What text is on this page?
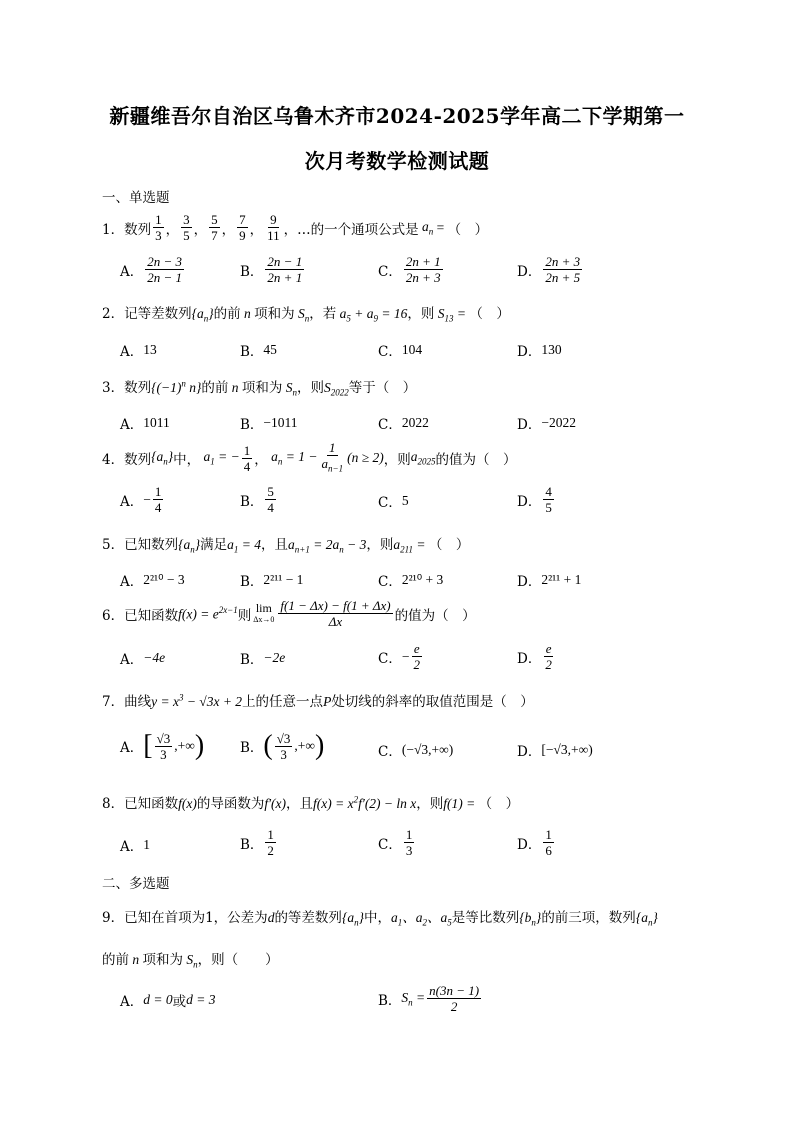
新疆维吾尔自治区乌鲁木齐市2024-2025学年高二下学期第一
次月考数学检测试题
一、单选题
1．数列 $\frac{1}{3}$ ， $\frac{3}{5}$ ， $\frac{5}{7}$ ， $\frac{7}{9}$ ， $\frac{9}{11}$ ，…的一个通项公式是 $a_n$ = （　）
A． $\frac{2n - 3}{2n - 1}$	B． $\frac{2n - 1}{2n + 1}$	C． $\frac{2n + 1}{2n + 3}$	D． $\frac{2n + 3}{2n + 5}$
2．记等差数列$\{a_n\}$的前 n 项和为 $S_n$，若 $a_5 + a_9 = 16$，则 $S_{13}$ = （　）
A． 13	B． 45	C． 104	D． 130
3．数列{$(-1)^n$ n}的前 n 项和为 $S_n$，则$S_{2022}$等于（　）
A． 1011	B． −1011	C． 2022	D． −2022
4．数列 $\{a_n\}$ 中， $a_1$ = − $\frac{1}{4}$ ， $a_n = 1 - \frac{1}{a_{n-1}} (n \ge 2)$ ，则 $a_{2025}$ 的值为（　）
A． − $\frac{1}{4}$	B． $\frac{5}{4}$	C． 5	D． $\frac{4}{5}$
5．已知数列$\{a_n\}$满足$a_1 = 4$，且$a_{n+1} = 2a_n - 3$，则$a_{211}$ = （　）
A． 2²¹⁰ − 3	B． 2²¹¹ − 1	C． 2²¹⁰ + 3	D． 2²¹¹ + 1
6．已知函数 $f(x) = e^{2x-1}$ 则 lim
$\Delta x\to 0 \frac{f(1 - \Delta x) - f(1 + \Delta x)}{\Delta x}$ 的值为（　）
A． −4e	B． −2e	C． − $\frac{e}{2}$	D． $\frac{e}{2}$
7．曲线$y = x^3 - √3x + 2$上的任意一点P处切线的斜率的取值范围是（　）
A． [ $\frac{√3}{3}$ ,+∞ )	B． ( $\frac{√3}{3}$ ,+∞ )	C． (−√3,+∞)	D． [−√3,+∞)
8．已知函数f(x)的导函数为f′(x)，且$f(x) = x^2f'(2) - \ln x$，则f(1) = （　）
A． 1	B． $\frac{1}{2}$	C． $\frac{1}{3}$	D． $\frac{1}{6}$
二、多选题
9．已知在首项为1，公差为d的等差数列$\{a_n\}$中，$a_1$、$a_2$、$a_5$是等比数列$\{b_n\}$的前三项，数列$\{a_n\}$
的前 n 项和为 $S_n$，则（　　）
A． d = 0 或 d = 3	B． $S_n = \frac{n(3n - 1)}{2}$
